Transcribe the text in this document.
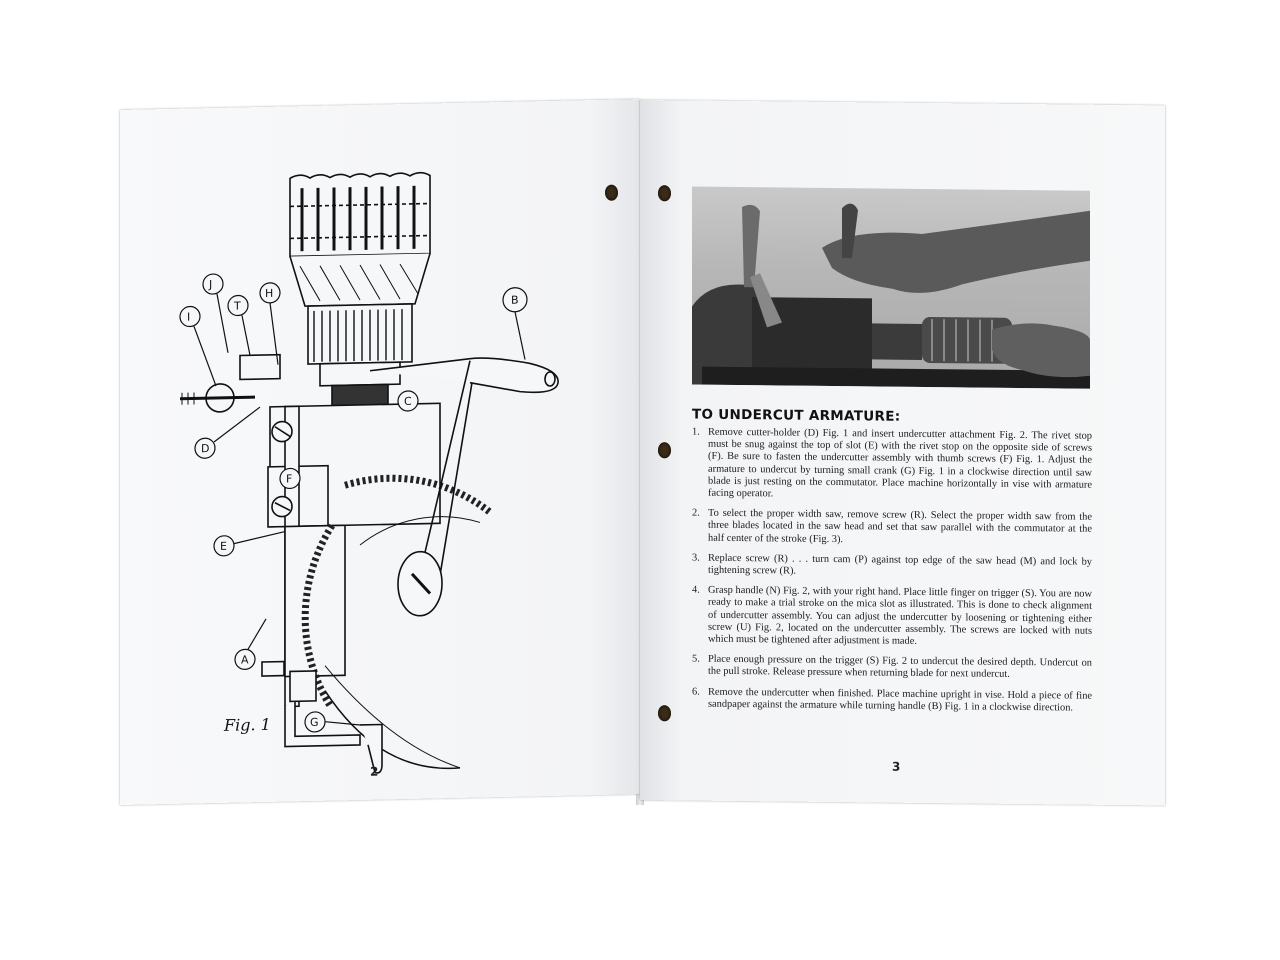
J
T
H
I
D
B
C
F
E
A
G
Fig. 1
2
TO UNDERCUT ARMATURE:
1. Remove cutter-holder (D) Fig. 1 and insert undercutter attachment Fig. 2. The rivet stop must be snug against the top of slot (E) with the rivet stop on the opposite side of screws (F). Be sure to fasten the undercutter assembly with thumb screws (F) Fig. 1. Adjust the armature to undercut by turning small crank (G) Fig. 1 in a clockwise direction until saw blade is just resting on the commutator. Place machine horizontally in vise with armature facing operator.
2. To select the proper width saw, remove screw (R). Select the proper width saw from the three blades located in the saw head and set that saw parallel with the commutator at the half center of the stroke (Fig. 3).
3. Replace screw (R) . . . turn cam (P) against top edge of the saw head (M) and lock by tightening screw (R).
4. Grasp handle (N) Fig. 2, with your right hand. Place little finger on trigger (S). You are now ready to make a trial stroke on the mica slot as illustrated. This is done to check alignment of undercutter assembly. You can adjust the undercutter by loosening or tightening either screw (U) Fig. 2, located on the undercutter assembly. The screws are locked with nuts which must be tightened after adjustment is made.
5. Place enough pressure on the trigger (S) Fig. 2 to undercut the desired depth. Undercut on the pull stroke. Release pressure when returning blade for next undercut.
6. Remove the undercutter when finished. Place machine upright in vise. Hold a piece of fine sandpaper against the armature while turning handle (B) Fig. 1 in a clockwise direction.
3
